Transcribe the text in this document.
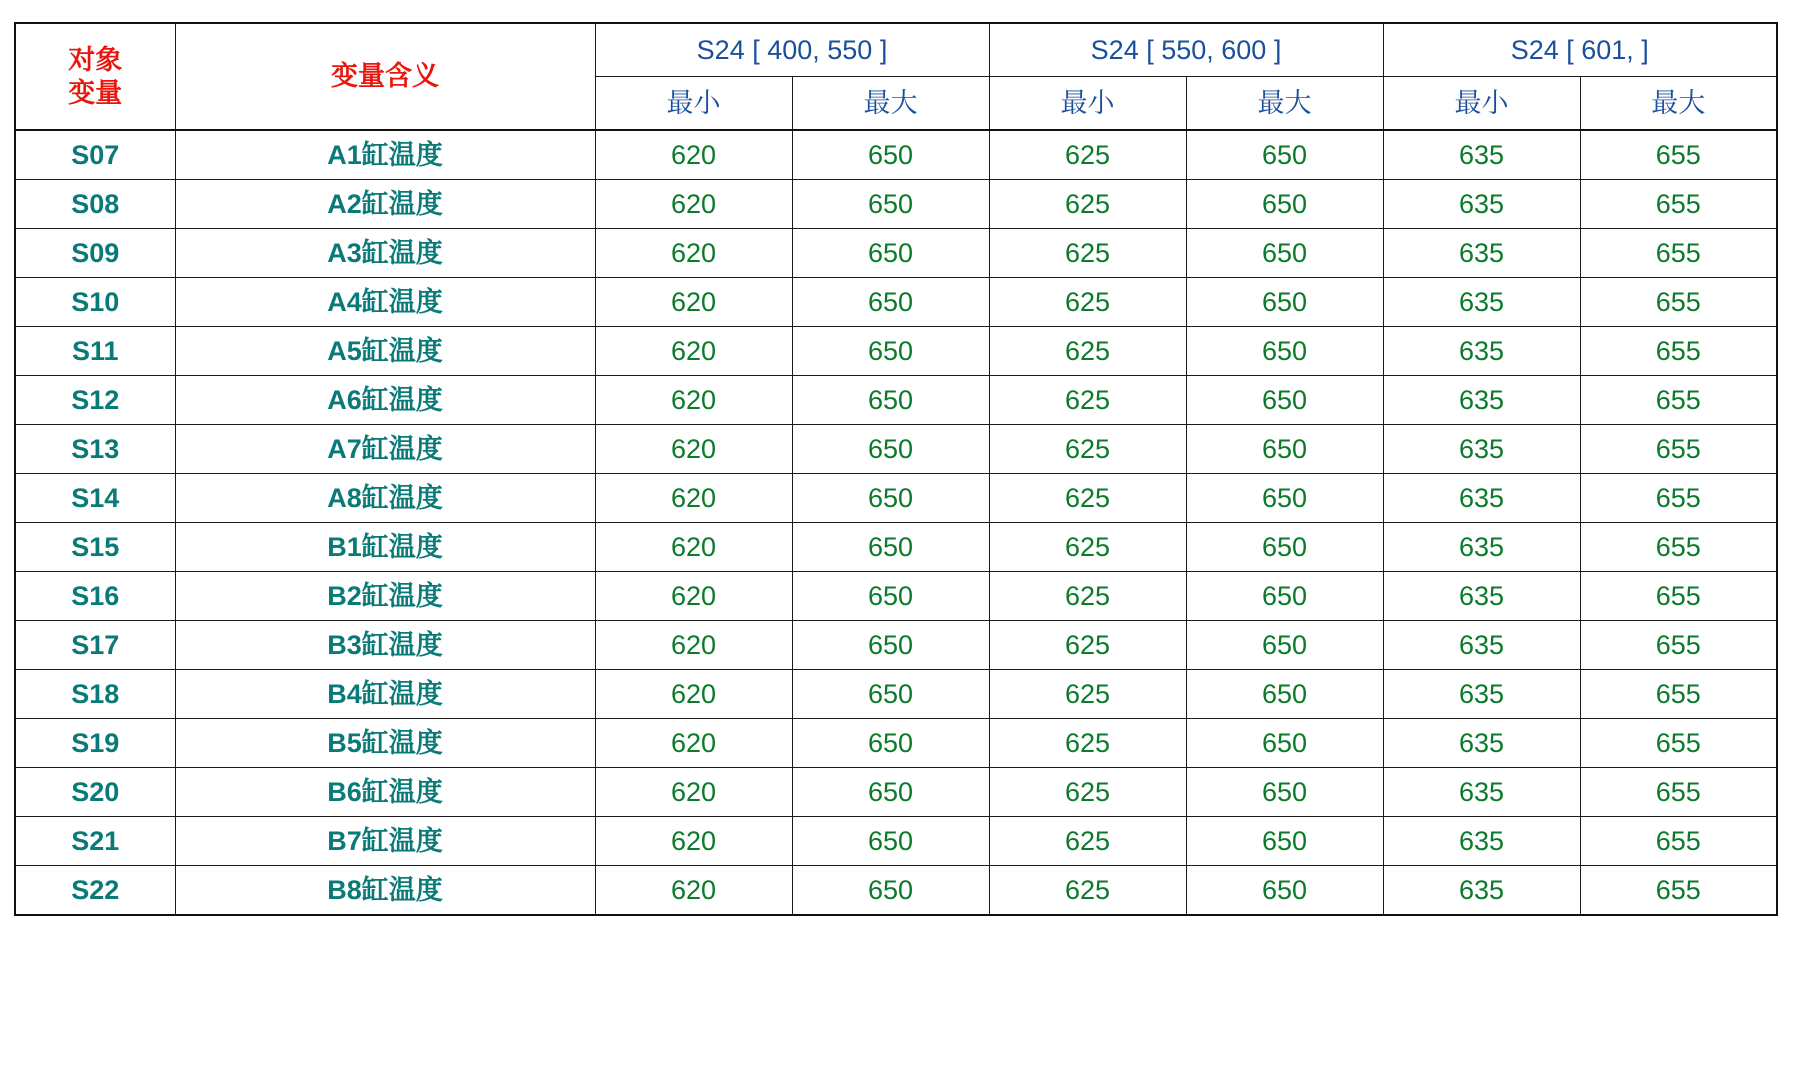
对象
变量	变量含义	S24 [ 400, 550 ]		S24 [ 550, 600 ]		S24 [ 601, ]	
		最小	最大	最小	最大	最小	最大
S07	A1缸温度	620	650	625	650	635	655
S08	A2缸温度	620	650	625	650	635	655
S09	A3缸温度	620	650	625	650	635	655
S10	A4缸温度	620	650	625	650	635	655
S11	A5缸温度	620	650	625	650	635	655
S12	A6缸温度	620	650	625	650	635	655
S13	A7缸温度	620	650	625	650	635	655
S14	A8缸温度	620	650	625	650	635	655
S15	B1缸温度	620	650	625	650	635	655
S16	B2缸温度	620	650	625	650	635	655
S17	B3缸温度	620	650	625	650	635	655
S18	B4缸温度	620	650	625	650	635	655
S19	B5缸温度	620	650	625	650	635	655
S20	B6缸温度	620	650	625	650	635	655
S21	B7缸温度	620	650	625	650	635	655
S22	B8缸温度	620	650	625	650	635	655
